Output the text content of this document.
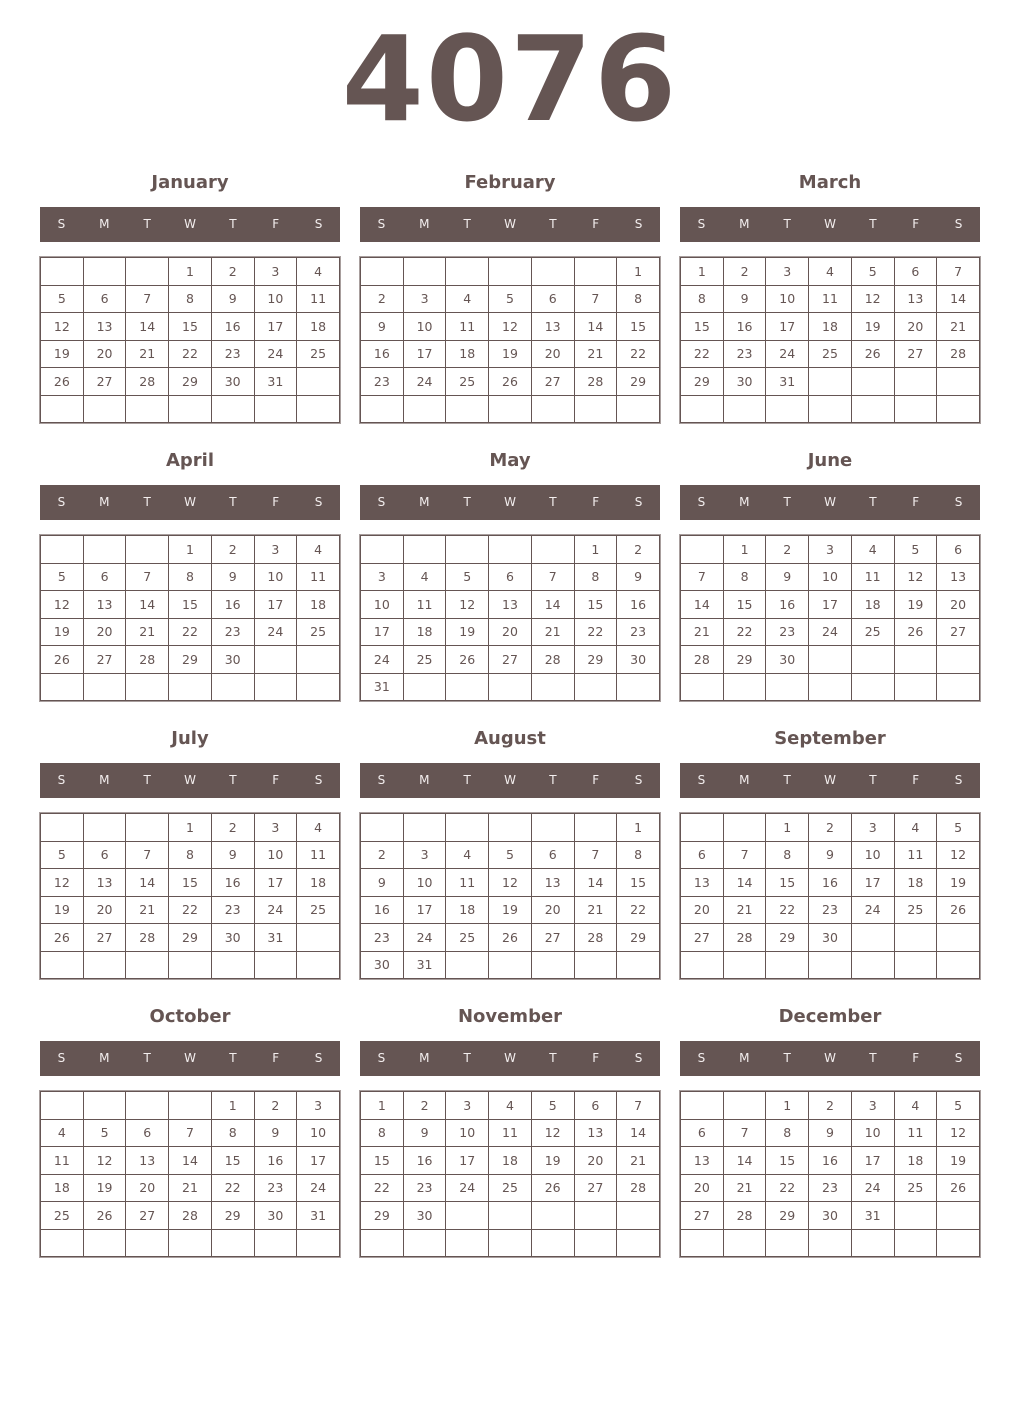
4076
January
S	M	T	W	T	F	S
			1	2	3	4
5	6	7	8	9	10	11
12	13	14	15	16	17	18
19	20	21	22	23	24	25
26	27	28	29	30	31	

February
S	M	T	W	T	F	S
						1
2	3	4	5	6	7	8
9	10	11	12	13	14	15
16	17	18	19	20	21	22
23	24	25	26	27	28	29

March
S	M	T	W	T	F	S
1	2	3	4	5	6	7
8	9	10	11	12	13	14
15	16	17	18	19	20	21
22	23	24	25	26	27	28
29	30	31				

April
S	M	T	W	T	F	S
			1	2	3	4
5	6	7	8	9	10	11
12	13	14	15	16	17	18
19	20	21	22	23	24	25
26	27	28	29	30		

May
S	M	T	W	T	F	S
					1	2
3	4	5	6	7	8	9
10	11	12	13	14	15	16
17	18	19	20	21	22	23
24	25	26	27	28	29	30
31						
June
S	M	T	W	T	F	S
	1	2	3	4	5	6
7	8	9	10	11	12	13
14	15	16	17	18	19	20
21	22	23	24	25	26	27
28	29	30				

July
S	M	T	W	T	F	S
			1	2	3	4
5	6	7	8	9	10	11
12	13	14	15	16	17	18
19	20	21	22	23	24	25
26	27	28	29	30	31	

August
S	M	T	W	T	F	S
						1
2	3	4	5	6	7	8
9	10	11	12	13	14	15
16	17	18	19	20	21	22
23	24	25	26	27	28	29
30	31					
September
S	M	T	W	T	F	S
		1	2	3	4	5
6	7	8	9	10	11	12
13	14	15	16	17	18	19
20	21	22	23	24	25	26
27	28	29	30			

October
S	M	T	W	T	F	S
				1	2	3
4	5	6	7	8	9	10
11	12	13	14	15	16	17
18	19	20	21	22	23	24
25	26	27	28	29	30	31

November
S	M	T	W	T	F	S
1	2	3	4	5	6	7
8	9	10	11	12	13	14
15	16	17	18	19	20	21
22	23	24	25	26	27	28
29	30					

December
S	M	T	W	T	F	S
		1	2	3	4	5
6	7	8	9	10	11	12
13	14	15	16	17	18	19
20	21	22	23	24	25	26
27	28	29	30	31		
